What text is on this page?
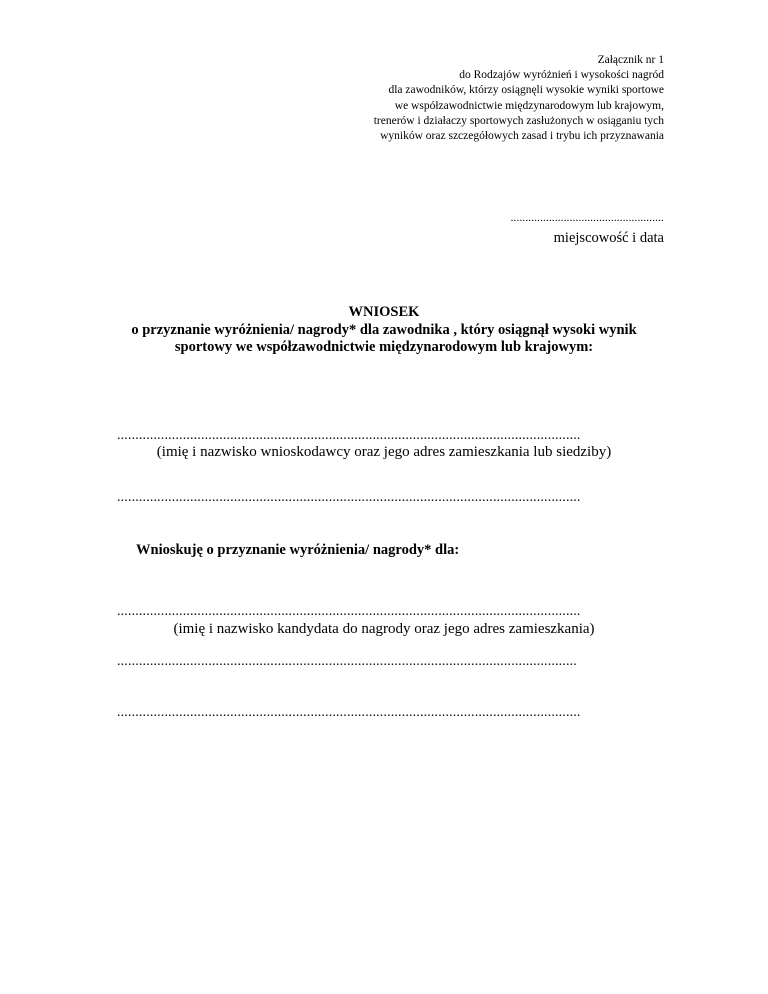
Załącznik nr 1
do Rodzajów wyróżnień i wysokości nagród
dla zawodników, którzy osiągnęli wysokie wyniki sportowe
we współzawodnictwie międzynarodowym lub krajowym,
trenerów i działaczy sportowych zasłużonych w osiąganiu tych
wyników oraz szczegółowych zasad i trybu ich przyznawania
....................................................
miejscowość i data
WNIOSEK
o przyznanie wyróżnienia/ nagrody* dla zawodnika , który osiągnął wysoki wynik
sportowy we współzawodnictwie międzynarodowym lub krajowym:
...............................................................................................................................
(imię i nazwisko wnioskodawcy oraz jego adres zamieszkania lub siedziby)
...............................................................................................................................
Wnioskuję o przyznanie wyróżnienia/ nagrody* dla:
...............................................................................................................................
(imię i nazwisko kandydata do nagrody oraz jego adres zamieszkania)
..............................................................................................................................
...............................................................................................................................
